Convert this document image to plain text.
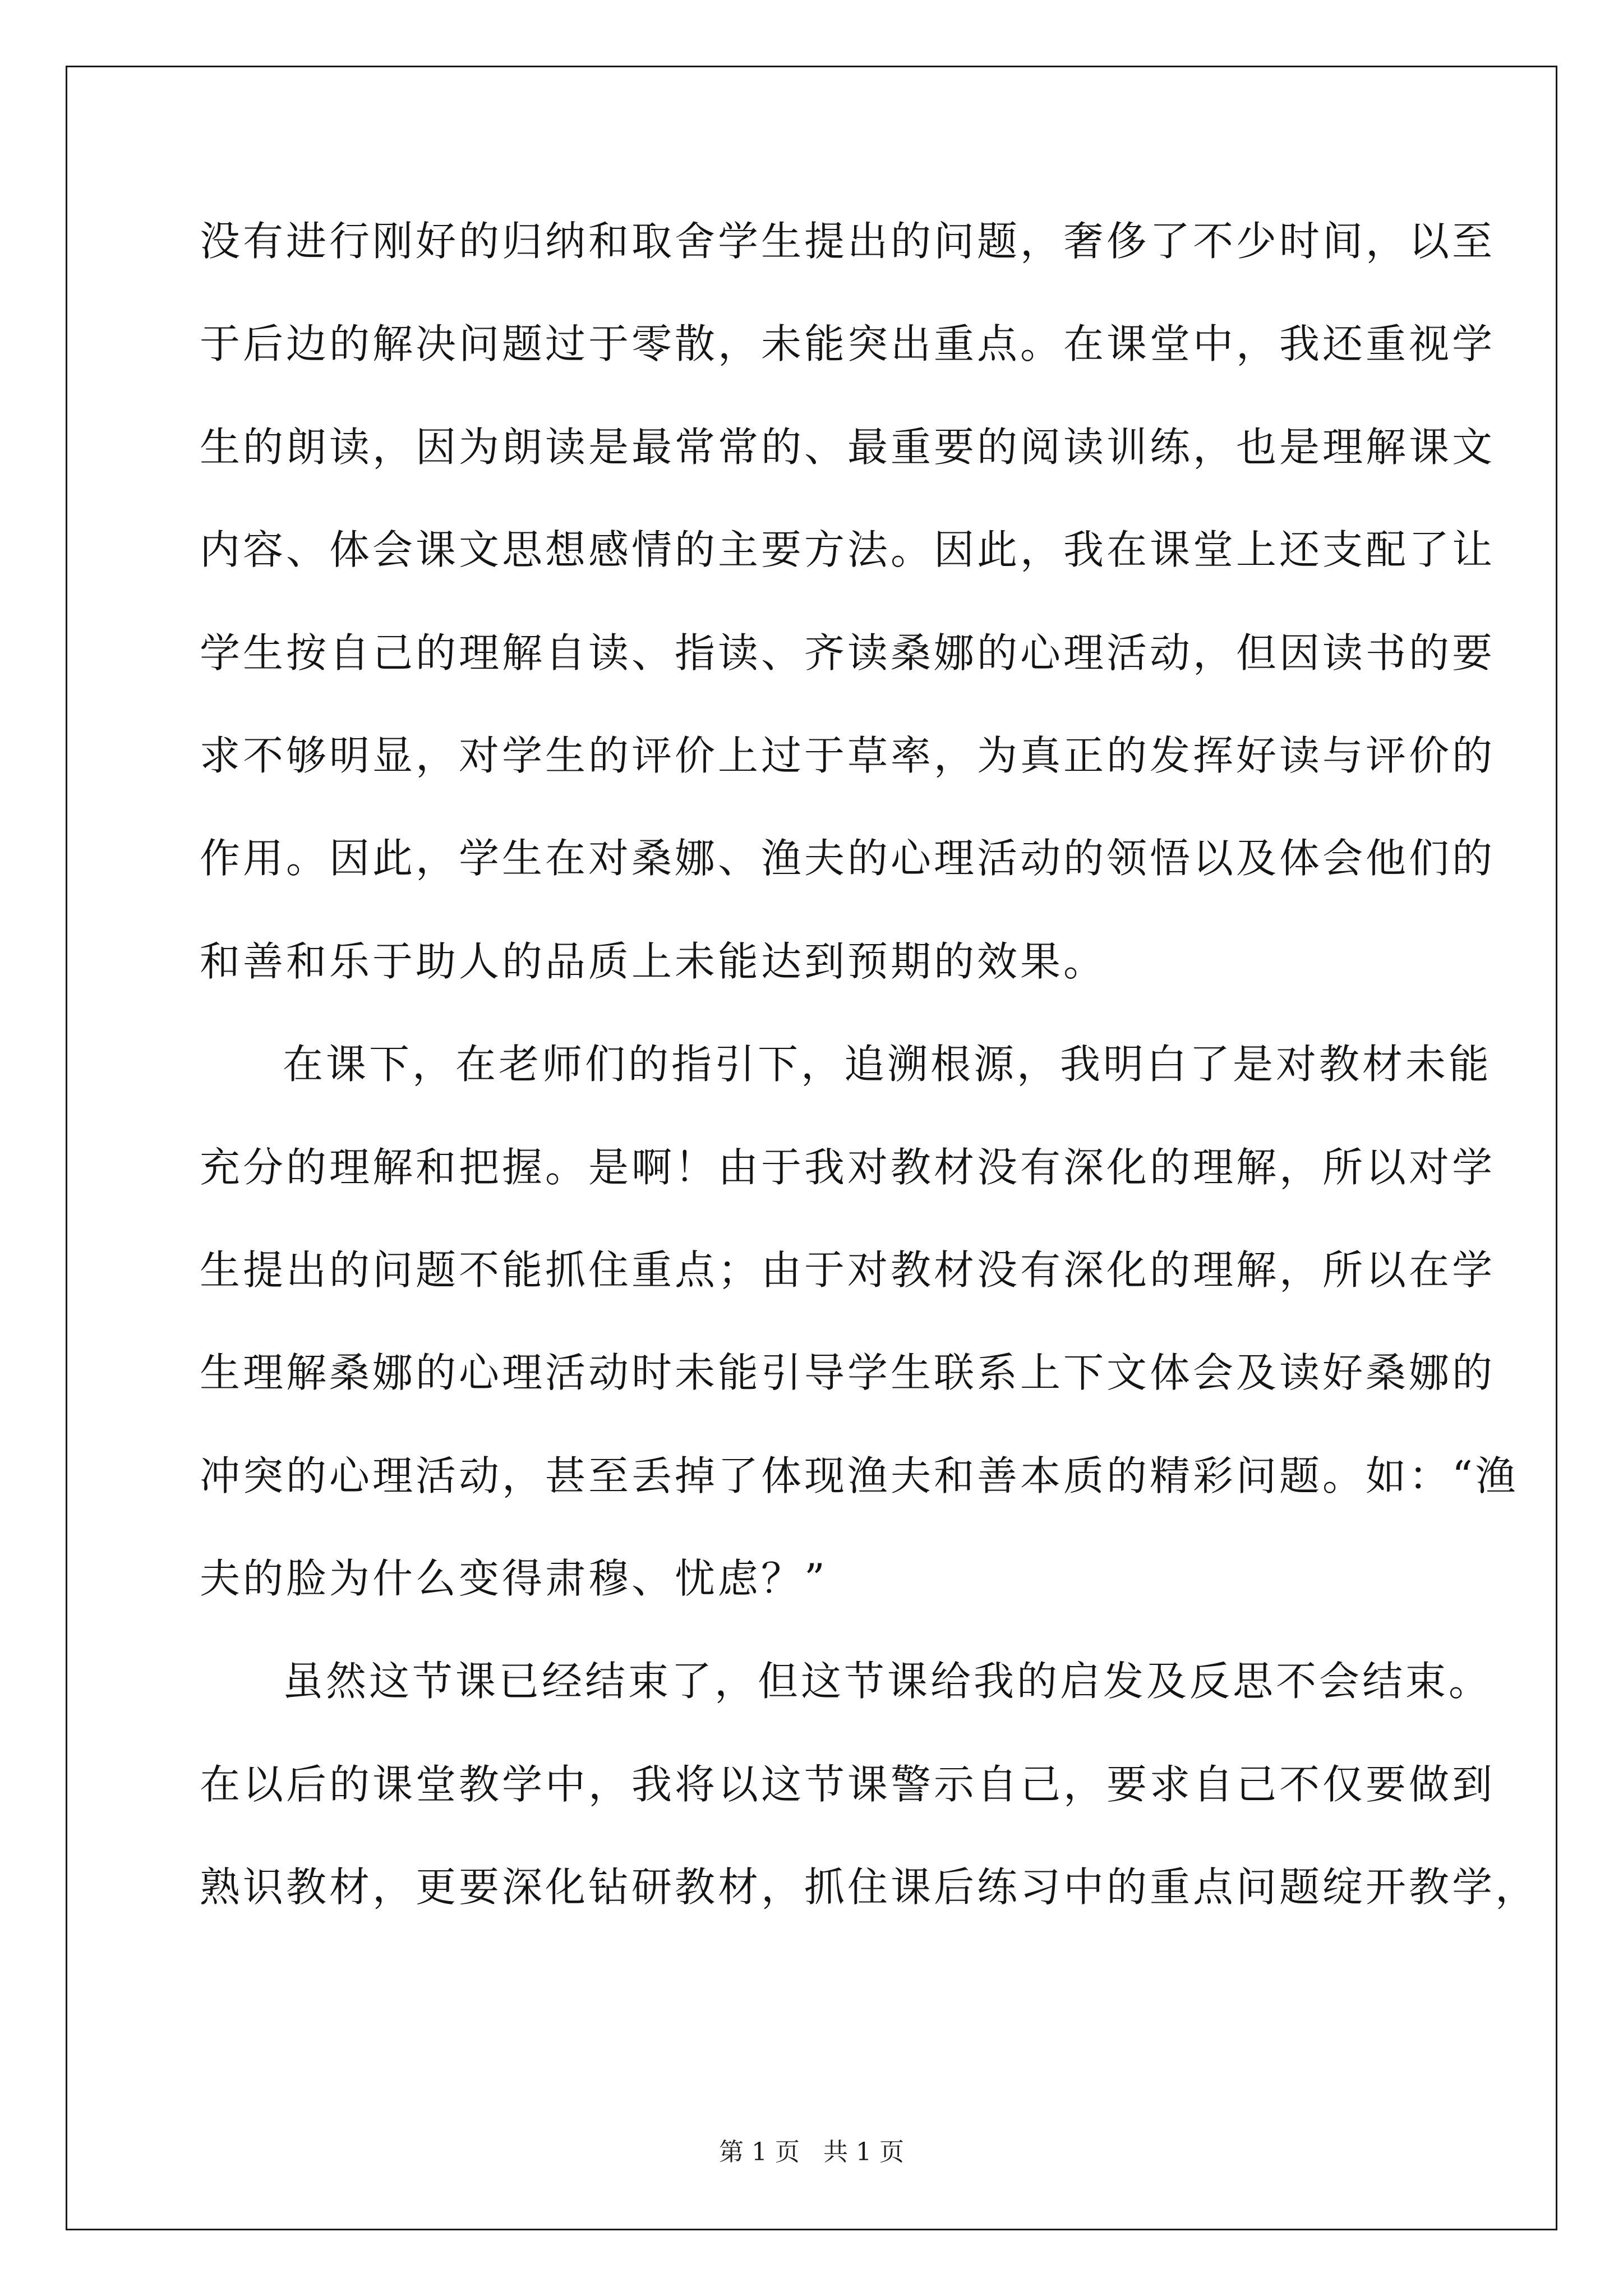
没有进行刚好的归纳和取舍学生提出的问题，奢侈了不少时间，以至
于后边的解决问题过于零散，未能突出重点。在课堂中，我还重视学
生的朗读，因为朗读是最常常的、最重要的阅读训练，也是理解课文
内容、体会课文思想感情的主要方法。因此，我在课堂上还支配了让
学生按自己的理解自读、指读、齐读桑娜的心理活动，但因读书的要
求不够明显，对学生的评价上过于草率，为真正的发挥好读与评价的
作用。因此，学生在对桑娜、渔夫的心理活动的领悟以及体会他们的
和善和乐于助人的品质上未能达到预期的效果。
在课下，在老师们的指引下，追溯根源，我明白了是对教材未能
充分的理解和把握。是啊！由于我对教材没有深化的理解，所以对学
生提出的问题不能抓住重点；由于对教材没有深化的理解，所以在学
生理解桑娜的心理活动时未能引导学生联系上下文体会及读好桑娜的
冲突的心理活动，甚至丢掉了体现渔夫和善本质的精彩问题。如：“渔
夫的脸为什么变得肃穆、忧虑？”
虽然这节课已经结束了，但这节课给我的启发及反思不会结束。
在以后的课堂教学中，我将以这节课警示自己，要求自己不仅要做到
熟识教材，更要深化钻研教材，抓住课后练习中的重点问题绽开教学，
第 1 页   共 1 页
